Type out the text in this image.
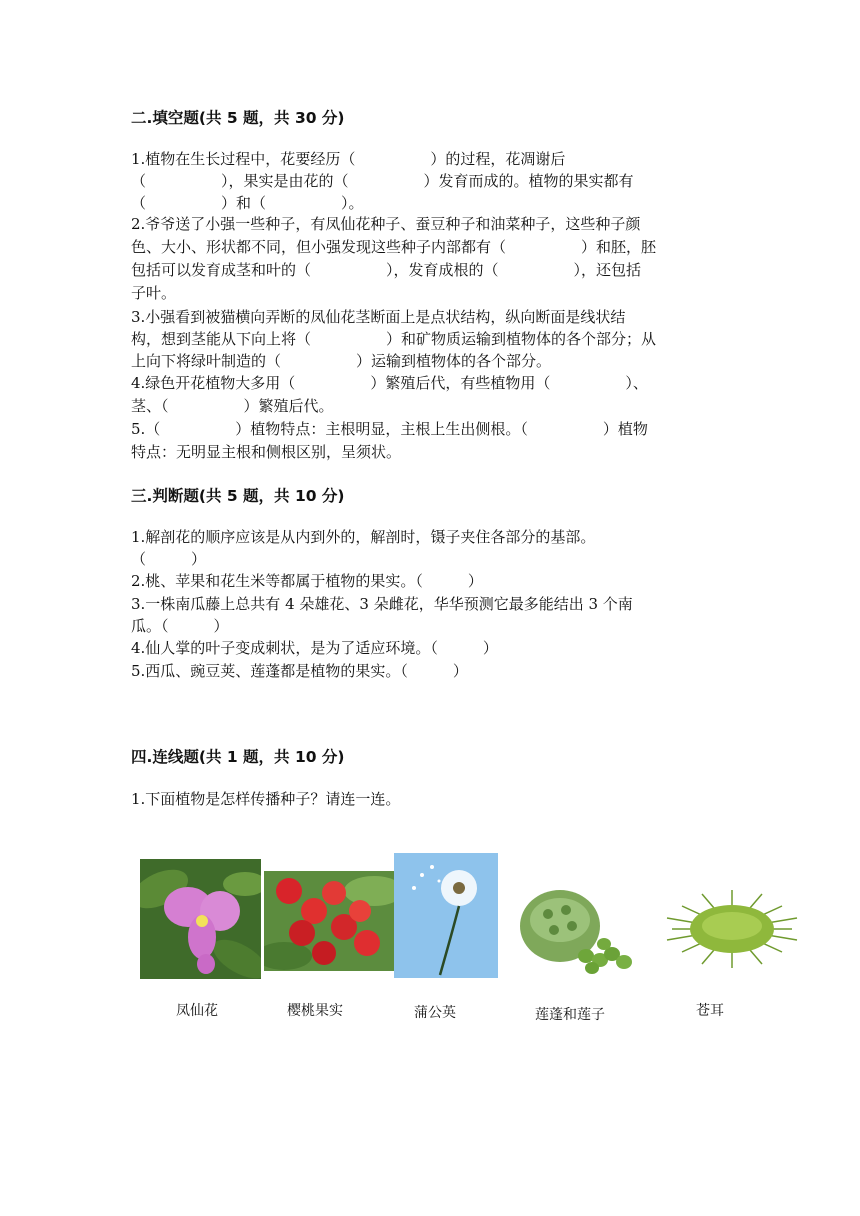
二.填空题(共 5 题，共 30 分)
1.植物在生长过程中，花要经历（　　　　　）的过程，花凋谢后
（　　　　　），果实是由花的（　　　　　）发育而成的。植物的果实都有
（　　　　　）和（　　　　　）。
2.爷爷送了小强一些种子，有凤仙花种子、蚕豆种子和油菜种子，这些种子颜
色、大小、形状都不同，但小强发现这些种子内部都有（　　　　　）和胚，胚
包括可以发育成茎和叶的（　　　　　），发育成根的（　　　　　），还包括
子叶。
3.小强看到被猫横向弄断的凤仙花茎断面上是点状结构，纵向断面是线状结
构，想到茎能从下向上将（　　　　　）和矿物质运输到植物体的各个部分；从
上向下将绿叶制造的（　　　　　）运输到植物体的各个部分。
4.绿色开花植物大多用（　　　　　）繁殖后代，有些植物用（　　　　　）、
茎、（　　　　　）繁殖后代。
5.（　　　　　）植物特点：主根明显，主根上生出侧根。（　　　　　）植物
特点：无明显主根和侧根区别，呈须状。
三.判断题(共 5 题，共 10 分)
1.解剖花的顺序应该是从内到外的，解剖时，镊子夹住各部分的基部。
（　　　）
2.桃、苹果和花生米等都属于植物的果实。（　　　）
3.一株南瓜藤上总共有 4 朵雄花、3 朵雌花，华华预测它最多能结出 3 个南
瓜。（　　　）
4.仙人掌的叶子变成刺状，是为了适应环境。（　　　）
5.西瓜、豌豆荚、莲蓬都是植物的果实。（　　　）
四.连线题(共 1 题，共 10 分)
1.下面植物是怎样传播种子？请连一连。
凤仙花	樱桃果实	蒲公英	莲蓬和莲子	苍耳
